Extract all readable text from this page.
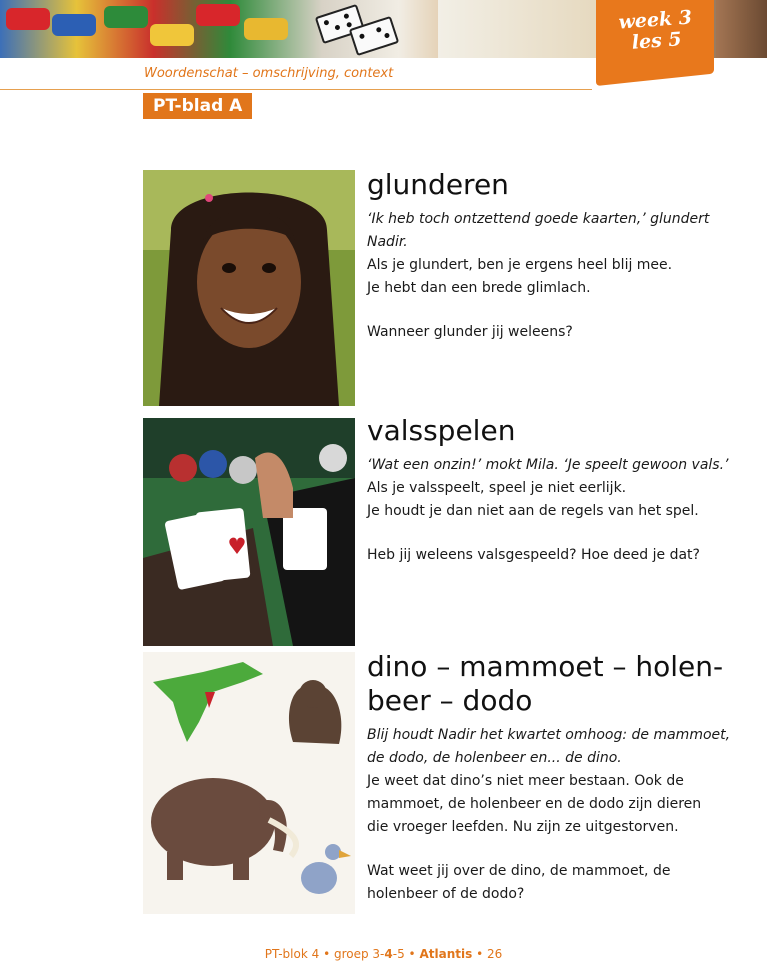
week 3
les 5
Woordenschat – omschrijving, context
PT-blad A

glunderen

‘Ik heb toch ontzettend goede kaarten,’ glundert Nadir.

Als je glundert, ben je ergens heel blij mee.

Je hebt dan een brede glimlach.

Wanneer glunder jij weleens?

valsspelen

‘Wat een onzin!’ mokt Mila. ‘Je speelt gewoon vals.’

Als je valsspeelt, speel je niet eerlijk.

Je houdt je dan niet aan de regels van het spel.

Heb jij weleens valsgespeeld? Hoe deed je dat?

dino – mammoet – holen-
beer – dodo

Blij houdt Nadir het kwartet omhoog: de mammoet,
de dodo, de holenbeer en... de dino.

Je weet dat dino’s niet meer bestaan. Ook de

mammoet, de holenbeer en de dodo zijn dieren

die vroeger leefden. Nu zijn ze uitgestorven.

Wat weet jij over de dino, de mammoet, de
holenbeer of de dodo?

PT-blok 4 • groep 3-4-5 • Atlantis • 26
